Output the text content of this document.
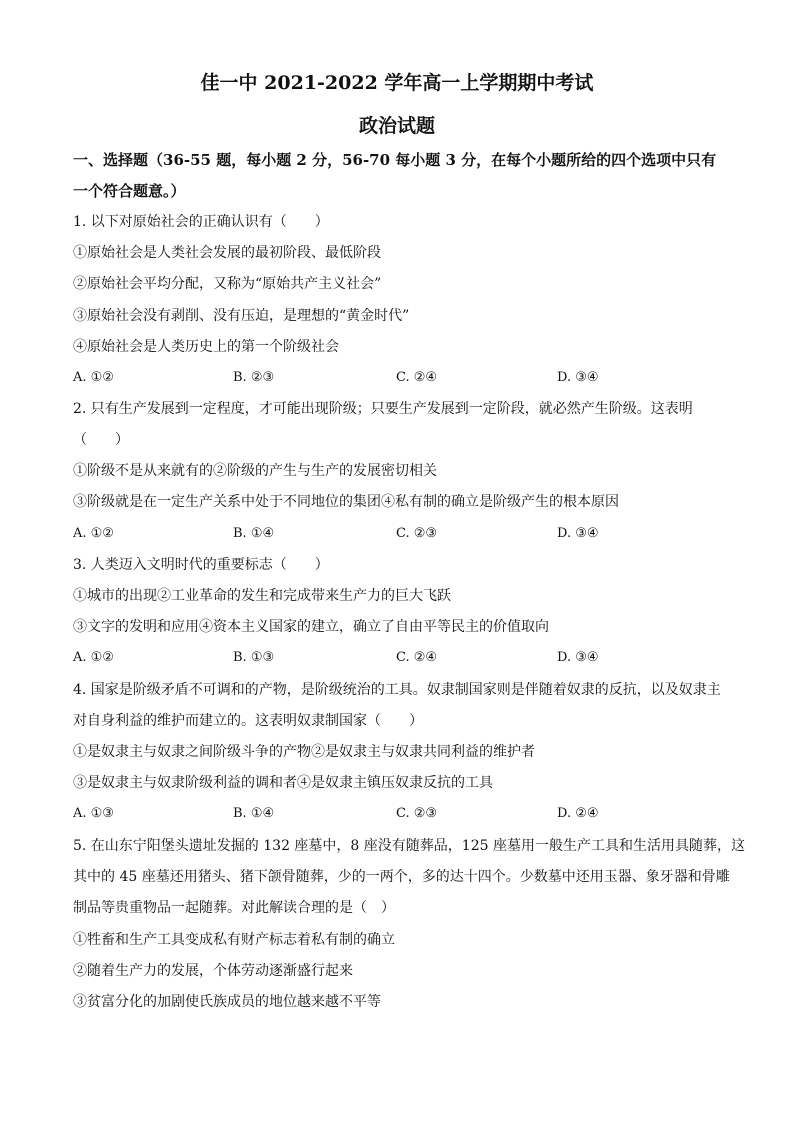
佳一中 2021-2022 学年高一上学期期中考试
政治试题
一、选择题（36-55 题，每小题 2 分，56-70 每小题 3 分，在每个小题所给的四个选项中只有
一个符合题意。）
1. 以下对原始社会的正确认识有（　　）
①原始社会是人类社会发展的最初阶段、最低阶段
②原始社会平均分配，又称为“原始共产主义社会”
③原始社会没有剥削、没有压迫，是理想的“黄金时代”
④原始社会是人类历史上的第一个阶级社会
A. ①②	B. ②③	C. ②④	D. ③④
2. 只有生产发展到一定程度，才可能出现阶级；只要生产发展到一定阶段，就必然产生阶级。这表明
（　　）
①阶级不是从来就有的②阶级的产生与生产的发展密切相关
③阶级就是在一定生产关系中处于不同地位的集团④私有制的确立是阶级产生的根本原因
A. ①②	B. ①④	C. ②③	D. ③④
3. 人类迈入文明时代的重要标志（　　）
①城市的出现②工业革命的发生和完成带来生产力的巨大飞跃
③文字的发明和应用④资本主义国家的建立，确立了自由平等民主的价值取向
A. ①②	B. ①③	C. ②④	D. ③④
4. 国家是阶级矛盾不可调和的产物，是阶级统治的工具。奴隶制国家则是伴随着奴隶的反抗，以及奴隶主
对自身利益的维护而建立的。这表明奴隶制国家（　　）
①是奴隶主与奴隶之间阶级斗争的产物②是奴隶主与奴隶共同利益的维护者
③是奴隶主与奴隶阶级利益的调和者④是奴隶主镇压奴隶反抗的工具
A. ①③	B. ①④	C. ②③	D. ②④
5. 在山东宁阳堡头遗址发掘的 132 座墓中，8 座没有随葬品，125 座墓用一般生产工具和生活用具随葬，这
其中的 45 座墓还用猪头、猪下颌骨随葬，少的一两个，多的达十四个。少数墓中还用玉器、象牙器和骨雕
制品等贵重物品一起随葬。对此解读合理的是（　）
①牲畜和生产工具变成私有财产标志着私有制的确立
②随着生产力的发展，个体劳动逐渐盛行起来
③贫富分化的加剧使氏族成员的地位越来越不平等
